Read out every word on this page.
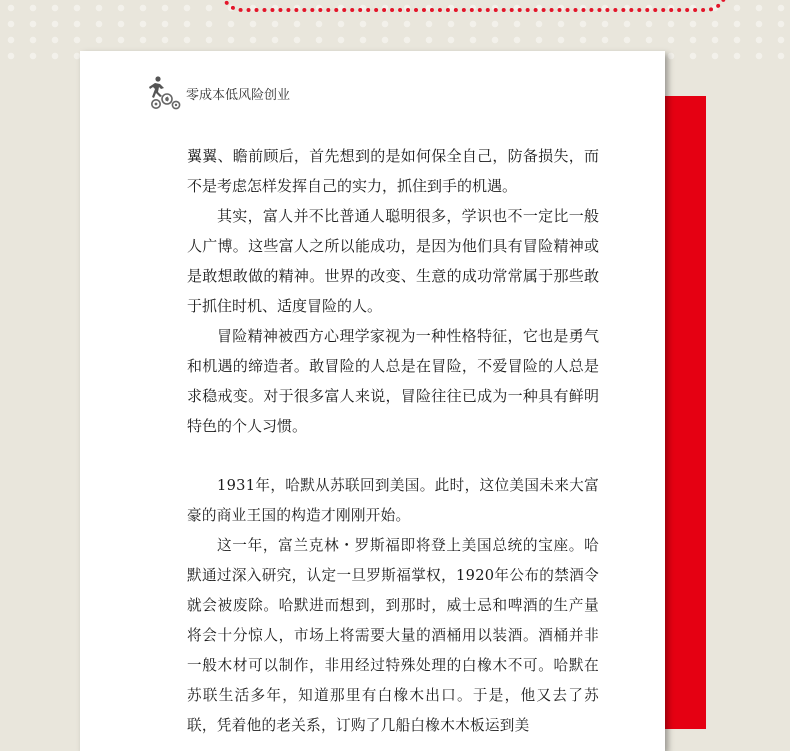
$ 零成本低风险创业

翼翼、瞻前顾后，首先想到的是如何保全自己，防备损失，而不是考虑怎样发挥自己的实力，抓住到手的机遇。

其实，富人并不比普通人聪明很多，学识也不一定比一般人广博。这些富人之所以能成功，是因为他们具有冒险精神或是敢想敢做的精神。世界的改变、生意的成功常常属于那些敢于抓住时机、适度冒险的人。

冒险精神被西方心理学家视为一种性格特征，它也是勇气和机遇的缔造者。敢冒险的人总是在冒险，不爱冒险的人总是求稳戒变。对于很多富人来说，冒险往往已成为一种具有鲜明特色的个人习惯。

1931年，哈默从苏联回到美国。此时，这位美国未来大富豪的商业王国的构造才刚刚开始。

这一年，富兰克林・罗斯福即将登上美国总统的宝座。哈默通过深入研究，认定一旦罗斯福掌权，1920年公布的禁酒令就会被废除。哈默进而想到，到那时，威士忌和啤酒的生产量将会十分惊人，市场上将需要大量的酒桶用以装酒。酒桶并非一般木材可以制作，非用经过特殊处理的白橡木不可。哈默在苏联生活多年，知道那里有白橡木出口。于是，他又去了苏联，凭着他的老关系，订购了几船白橡木木板运到美
